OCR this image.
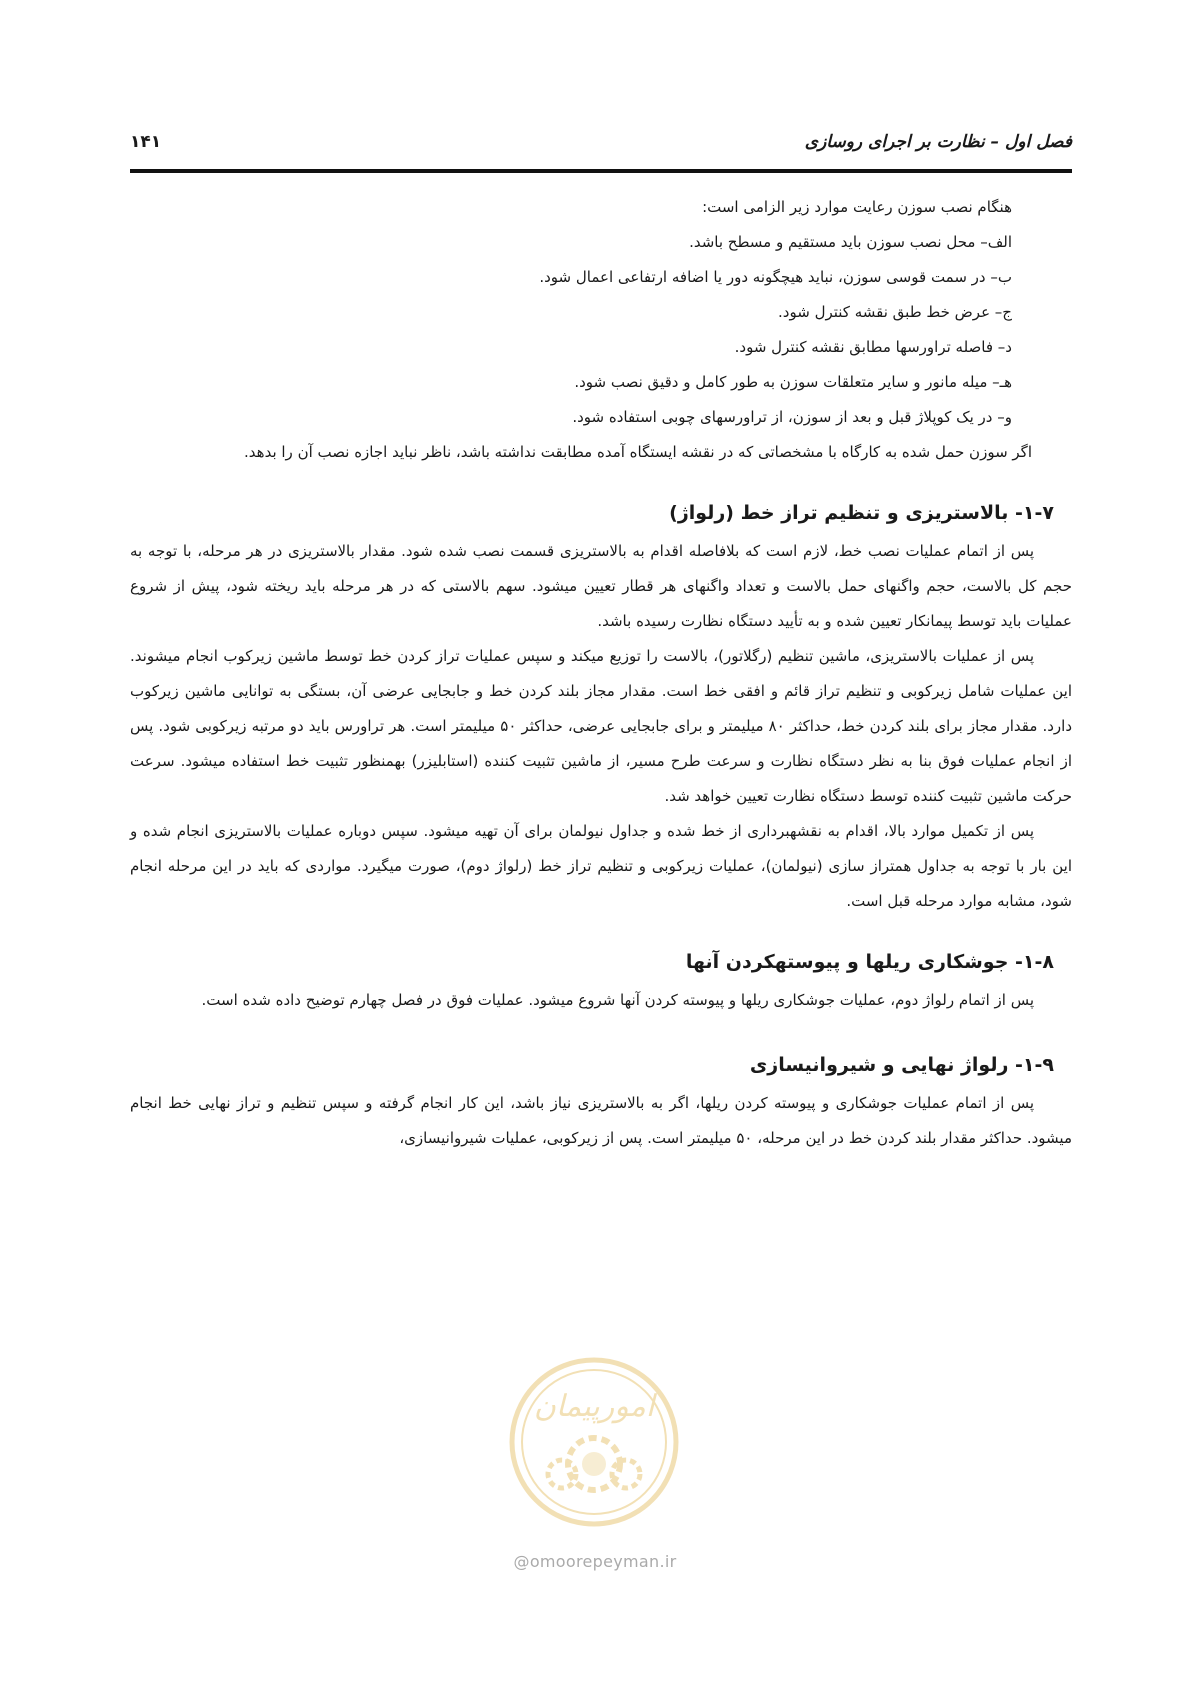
فصل اول – نظارت بر اجرای روسازی
۱۴۱

هنگام نصب سوزن رعایت موارد زیر الزامی است:

الف– محل نصب سوزن باید مستقیم و مسطح باشد.

ب– در سمت قوسی سوزن، نباید هیچگونه دور یا اضافه ارتفاعی اعمال شود.

ج– عرض خط طبق نقشه کنترل شود.

د– فاصله تراورسها مطابق نقشه کنترل شود.

هـ– میله مانور و سایر متعلقات سوزن به طور کامل و دقیق نصب شود.

و– در یک کوپلاژ قبل و بعد از سوزن، از تراورسهای چوبی استفاده شود.

اگر سوزن حمل شده به کارگاه با مشخصاتی که در نقشه ایستگاه آمده مطابقت نداشته باشد، ناظر نباید اجازه نصب آن را بدهد.

۱-۷- بالاستریزی و تنظیم تراز خط (رلواژ)

پس از اتمام عملیات نصب خط، لازم است که بلافاصله اقدام به بالاستریزی قسمت نصب شده شود. مقدار بالاستریزی در هر مرحله، با توجه به حجم کل بالاست، حجم واگنهای حمل بالاست و تعداد واگنهای هر قطار تعیین میشود. سهم بالاستی که در هر مرحله باید ریخته شود، پیش از شروع عملیات باید توسط پیمانکار تعیین شده و به تأیید دستگاه نظارت رسیده باشد.

پس از عملیات بالاستریزی، ماشین تنظیم (رگلاتور)، بالاست را توزیع میکند و سپس عملیات تراز کردن خط توسط ماشین زیرکوب انجام میشوند. این عملیات شامل زیرکوبی و تنظیم تراز قائم و افقی خط است. مقدار مجاز بلند کردن خط و جابجایی عرضی آن، بستگی به توانایی ماشین زیرکوب دارد. مقدار مجاز برای بلند کردن خط، حداکثر ۸۰ میلیمتر و برای جابجایی عرضی، حداکثر ۵۰ میلیمتر است. هر تراورس باید دو مرتبه زیرکوبی شود. پس از انجام عملیات فوق بنا به نظر دستگاه نظارت و سرعت طرح مسیر، از ماشین تثبیت کننده (استابلیزر) بهمنظور تثبیت خط استفاده میشود. سرعت حرکت ماشین تثبیت کننده توسط دستگاه نظارت تعیین خواهد شد.

پس از تکمیل موارد بالا، اقدام به نقشهبرداری از خط شده و جداول نیولمان برای آن تهیه میشود. سپس دوباره عملیات بالاستریزی انجام شده و این بار با توجه به جداول همتراز سازی (نیولمان)، عملیات زیرکوبی و تنظیم تراز خط (رلواژ دوم)، صورت میگیرد. مواردی که باید در این مرحله انجام شود، مشابه موارد مرحله قبل است.

۱-۸- جوشکاری ریلها و پیوستهکردن آنها

پس از اتمام رلواژ دوم، عملیات جوشکاری ریلها و پیوسته کردن آنها شروع میشود. عملیات فوق در فصل چهارم توضیح داده شده است.

۱-۹- رلواژ نهایی و شیروانیسازی

پس از اتمام عملیات جوشکاری و پیوسته کردن ریلها، اگر به بالاستریزی نیاز باشد، این کار انجام گرفته و سپس تنظیم و تراز نهایی خط انجام میشود. حداکثر مقدار بلند کردن خط در این مرحله، ۵۰ میلیمتر است. پس از زیرکوبی، عملیات شیروانیسازی،

امورپیمان
@omoorepeyman.ir
